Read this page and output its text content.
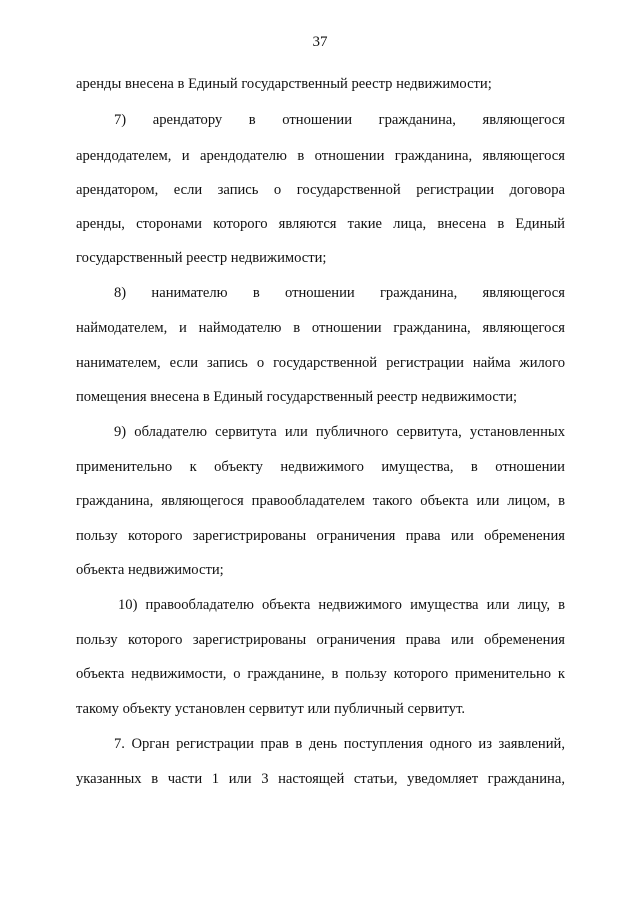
37
аренды внесена в Единый государственный реестр недвижимости;
7) арендатору в отношении гражданина, являющегося
арендодателем, и арендодателю в отношении гражданина, являющегося
арендатором, если запись о государственной регистрации договора
аренды, сторонами которого являются такие лица, внесена в Единый
государственный реестр недвижимости;
8) нанимателю в отношении гражданина, являющегося
наймодателем, и наймодателю в отношении гражданина, являющегося
нанимателем, если запись о государственной регистрации найма жилого
помещения внесена в Единый государственный реестр недвижимости;
9) обладателю сервитута или публичного сервитута, установленных
применительно к объекту недвижимого имущества, в отношении
гражданина, являющегося правообладателем такого объекта или лицом, в
пользу которого зарегистрированы ограничения права или обременения
объекта недвижимости;
10) правообладателю объекта недвижимого имущества или лицу, в
пользу которого зарегистрированы ограничения права или обременения
объекта недвижимости, о гражданине, в пользу которого применительно к
такому объекту установлен сервитут или публичный сервитут.
7. Орган регистрации прав в день поступления одного из заявлений,
указанных в части 1 или 3 настоящей статьи, уведомляет гражданина,
